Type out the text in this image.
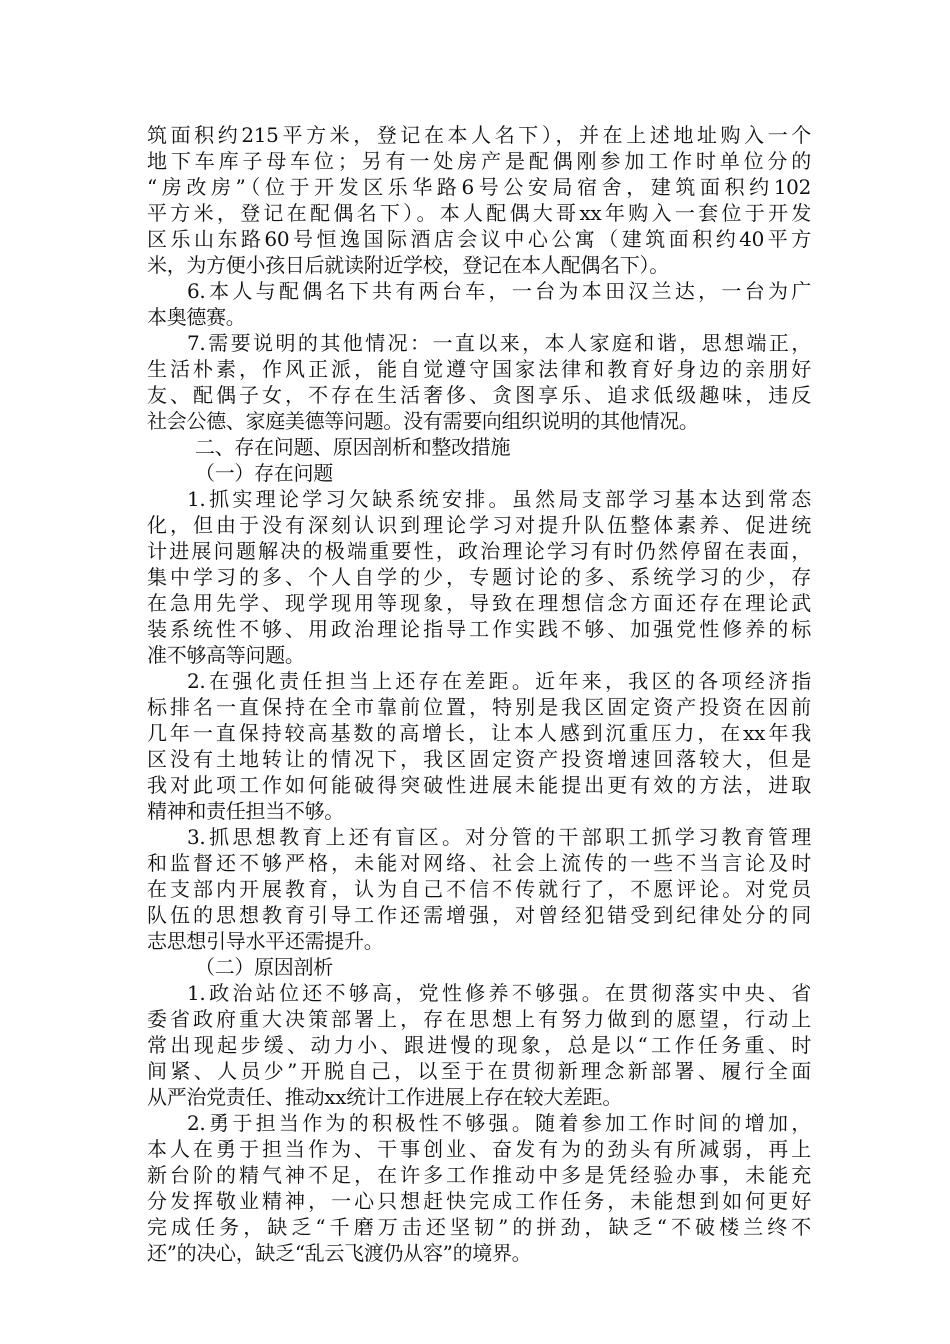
筑面积约215平方米，登记在本人名下），并在上述地址购入一个
地下车库子母车位；另有一处房产是配偶刚参加工作时单位分的
“房改房”（位于开发区乐华路6号公安局宿舍，建筑面积约102
平方米，登记在配偶名下）。本人配偶大哥xx年购入一套位于开发
区乐山东路60号恒逸国际酒店会议中心公寓（建筑面积约40平方
米，为方便小孩日后就读附近学校，登记在本人配偶名下）。
6.本人与配偶名下共有两台车，一台为本田汉兰达，一台为广
本奥德赛。
7.需要说明的其他情况：一直以来，本人家庭和谐，思想端正，
生活朴素，作风正派，能自觉遵守国家法律和教育好身边的亲朋好
友、配偶子女，不存在生活奢侈、贪图享乐、追求低级趣味，违反
社会公德、家庭美德等问题。没有需要向组织说明的其他情况。
二、存在问题、原因剖析和整改措施
（一）存在问题
1.抓实理论学习欠缺系统安排。虽然局支部学习基本达到常态
化，但由于没有深刻认识到理论学习对提升队伍整体素养、促进统
计进展问题解决的极端重要性，政治理论学习有时仍然停留在表面，
集中学习的多、个人自学的少，专题讨论的多、系统学习的少，存
在急用先学、现学现用等现象，导致在理想信念方面还存在理论武
装系统性不够、用政治理论指导工作实践不够、加强党性修养的标
准不够高等问题。
2.在强化责任担当上还存在差距。近年来，我区的各项经济指
标排名一直保持在全市靠前位置，特别是我区固定资产投资在因前
几年一直保持较高基数的高增长，让本人感到沉重压力，在xx年我
区没有土地转让的情况下，我区固定资产投资增速回落较大，但是
我对此项工作如何能破得突破性进展未能提出更有效的方法，进取
精神和责任担当不够。
3.抓思想教育上还有盲区。对分管的干部职工抓学习教育管理
和监督还不够严格，未能对网络、社会上流传的一些不当言论及时
在支部内开展教育，认为自己不信不传就行了，不愿评论。对党员
队伍的思想教育引导工作还需增强，对曾经犯错受到纪律处分的同
志思想引导水平还需提升。
（二）原因剖析
1.政治站位还不够高，党性修养不够强。在贯彻落实中央、省
委省政府重大决策部署上，存在思想上有努力做到的愿望，行动上
常出现起步缓、动力小、跟进慢的现象，总是以“工作任务重、时
间紧、人员少”开脱自己，以至于在贯彻新理念新部署、履行全面
从严治党责任、推动xx统计工作进展上存在较大差距。
2.勇于担当作为的积极性不够强。随着参加工作时间的增加，
本人在勇于担当作为、干事创业、奋发有为的劲头有所减弱，再上
新台阶的精气神不足，在许多工作推动中多是凭经验办事，未能充
分发挥敬业精神，一心只想赶快完成工作任务，未能想到如何更好
完成任务，缺乏“千磨万击还坚韧”的拼劲，缺乏“不破楼兰终不
还”的决心，缺乏“乱云飞渡仍从容”的境界。
